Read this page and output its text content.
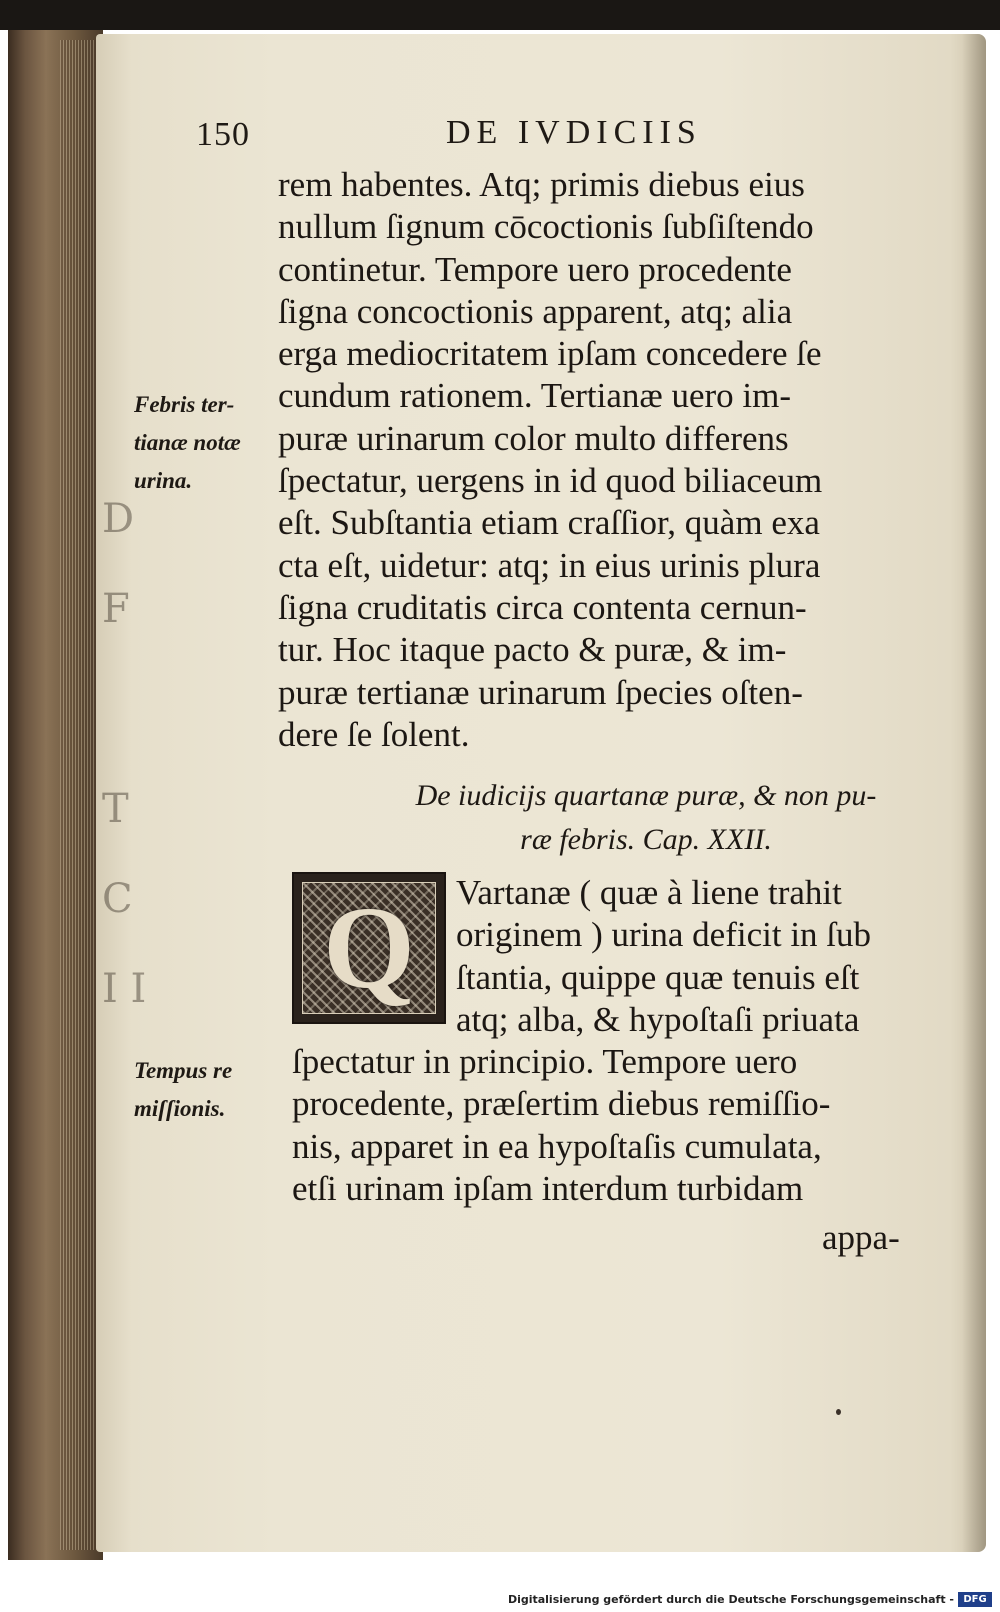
D
F
T
C
I I
150	DE IVDICIIS
rem habentes. Atq; primis diebus eius
nullum ſignum cōcoctionis ſubſiſtendo
continetur. Tempore uero procedente
ſigna concoctionis apparent, atq; alia
erga mediocritatem ipſam concedere ſe
cundum rationem. Tertianæ uero im-
puræ urinarum color multo differens
ſpectatur, uergens in id quod biliaceum
eſt. Subſtantia etiam craſſior, quàm exa
cta eſt, uidetur: atq; in eius urinis plura
ſigna cruditatis circa contenta cernun-
tur. Hoc itaque pacto & puræ, & im-
puræ tertianæ urinarum ſpecies oſten-
dere ſe ſolent.
Febris ter-
tianæ notæ
urina.
De iudicijs quartanæ puræ, & non pu-
ræ febris. Cap. XXII.
Q	Vartanæ ( quæ à liene trahit
originem ) urina deficit in ſub
ſtantia, quippe quæ tenuis eſt
atq; alba, & hypoſtaſi priuata
Tempus re
miſſionis.
ſpectatur in principio. Tempore uero
procedente, præſertim diebus remiſſio-
nis, apparet in ea hypoſtaſis cumulata,
etſi urinam ipſam interdum turbidam
appa-
Digitalisierung gefördert durch die Deutsche Forschungsgemeinschaft - DFG
